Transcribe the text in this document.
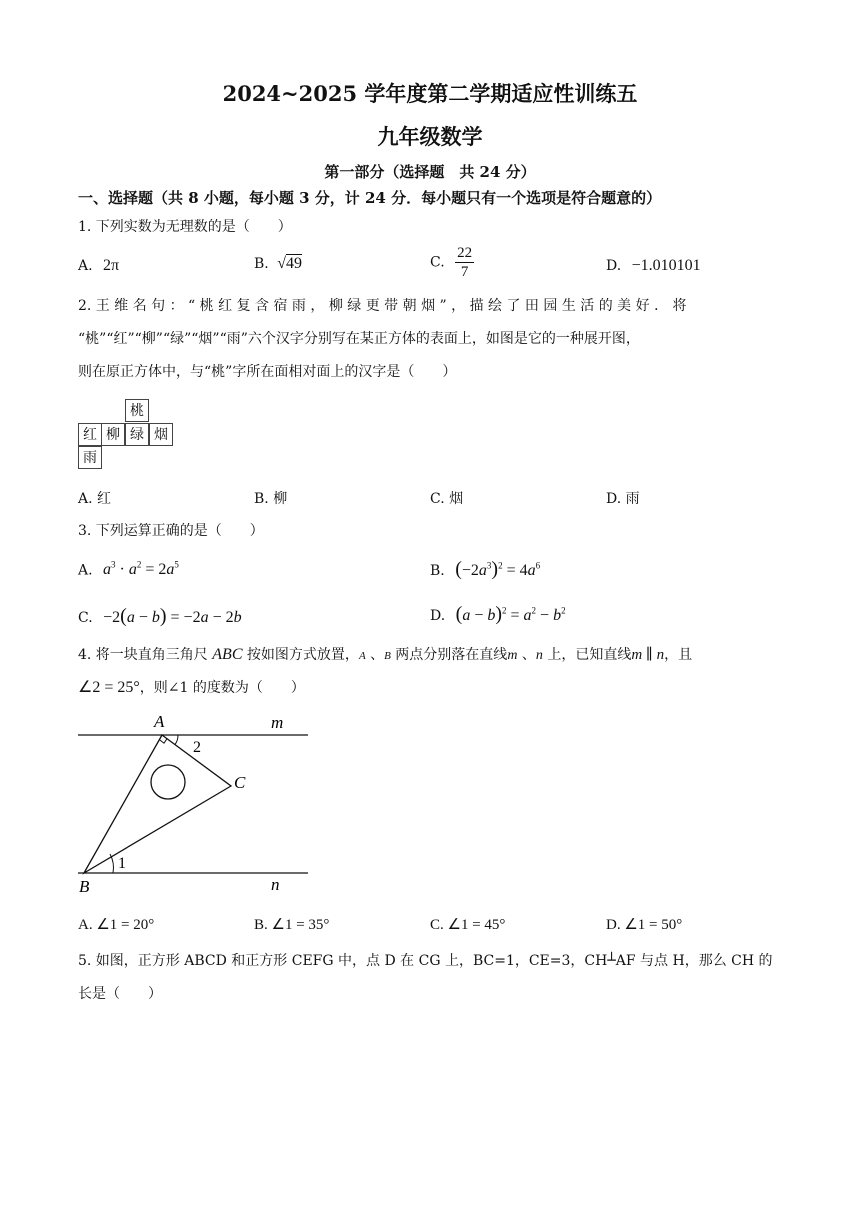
2024~2025 学年度第二学期适应性训练五
九年级数学
第一部分（选择题　共 24 分）
一、选择题（共 8 小题，每小题 3 分，计 24 分．每小题只有一个选项是符合题意的）
1. 下列实数为无理数的是（　　）
A. 2π	B. √49	C. $\frac{22}{7}$	D. −1.010101
2. 王 维 名 句 ： “ 桃 红 复 含 宿 雨 ， 柳 绿 更 带 朝 烟 ” ， 描 绘 了 田 园 生 活 的 美 好 ． 将
“桃”“红”“柳”“绿”“烟”“雨”六个汉字分别写在某正方体的表面上，如图是它的一种展开图，
则在原正方体中，与“桃”字所在面相对面上的汉字是（　　）
桃
红 柳 绿 烟
雨
A. 红	B. 柳	C. 烟	D. 雨
3. 下列运算正确的是（　　）
A. $a^3 \cdot a^2 = 2a^5$	B. $(-2a^3)^2 = 4a^6$
C. −2(a − b) = −2a − 2b	D. $(a - b)^2 = a^2 - b^2$
4. 将一块直角三角尺 ABC 按如图方式放置，A 、B 两点分别落在直线m 、n 上，已知直线m ∥ n，且
∠2 = 25°，则∠1 的度数为（　　）
A
B
C
m
n
1
2
A. ∠1 = 20°	B. ∠1 = 35°	C. ∠1 = 45°	D. ∠1 = 50°
5. 如图，正方形 ABCD 和正方形 CEFG 中，点 D 在 CG 上，BC=1，CE=3，CH┴AF 与点 H，那么 CH 的
长是（　　）
